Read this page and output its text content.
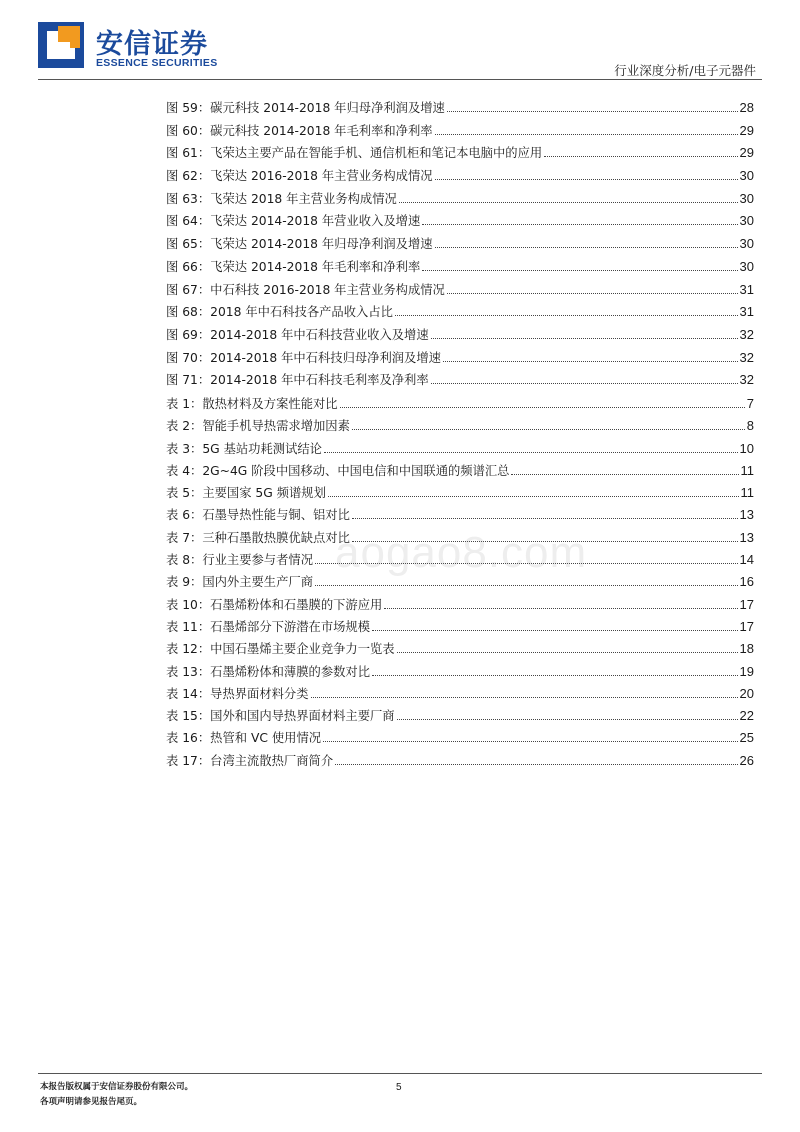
安信证券
ESSENCE SECURITIES	行业深度分析/电子元器件
图 59：碳元科技 2014-2018 年归母净利润及增速	28
图 60：碳元科技 2014-2018 年毛利率和净利率	29
图 61：飞荣达主要产品在智能手机、通信机柜和笔记本电脑中的应用	29
图 62：飞荣达 2016-2018 年主营业务构成情况	30
图 63：飞荣达 2018 年主营业务构成情况	30
图 64：飞荣达 2014-2018 年营业收入及增速	30
图 65：飞荣达 2014-2018 年归母净利润及增速	30
图 66：飞荣达 2014-2018 年毛利率和净利率	30
图 67：中石科技 2016-2018 年主营业务构成情况	31
图 68：2018 年中石科技各产品收入占比	31
图 69：2014-2018 年中石科技营业收入及增速	32
图 70：2014-2018 年中石科技归母净利润及增速	32
图 71：2014-2018 年中石科技毛利率及净利率	32
表 1：散热材料及方案性能对比	7
表 2：智能手机导热需求增加因素	8
表 3：5G 基站功耗测试结论	10
表 4：2G~4G 阶段中国移动、中国电信和中国联通的频谱汇总	11
表 5：主要国家 5G 频谱规划	11
表 6：石墨导热性能与铜、铝对比	13
表 7：三种石墨散热膜优缺点对比	13
表 8：行业主要参与者情况	14
表 9：国内外主要生产厂商	16
表 10：石墨烯粉体和石墨膜的下游应用	17
表 11：石墨烯部分下游潜在市场规模	17
表 12：中国石墨烯主要企业竞争力一览表	18
表 13：石墨烯粉体和薄膜的参数对比	19
表 14：导热界面材料分类	20
表 15：国外和国内导热界面材料主要厂商	22
表 16：热管和 VC 使用情况	25
表 17：台湾主流散热厂商简介	26
aogao8.com
本报告版权属于安信证券股份有限公司。
各项声明请参见报告尾页。
5
